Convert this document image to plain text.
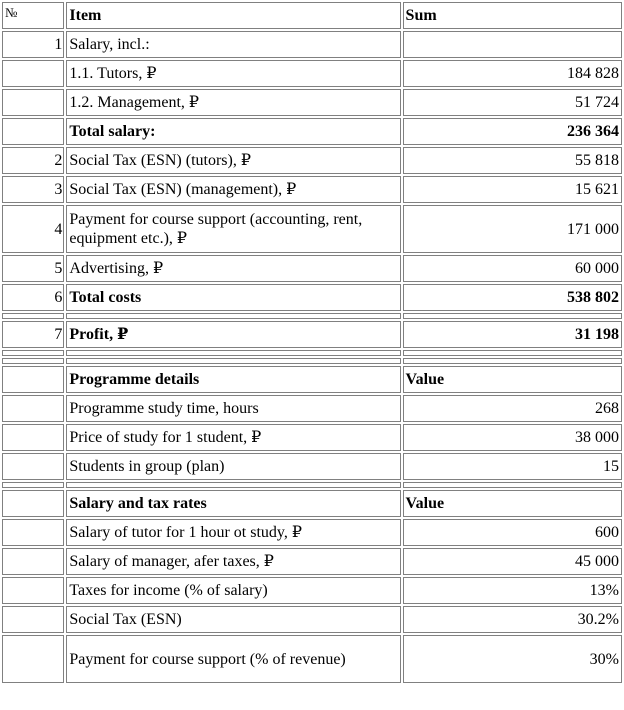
№	Item	Sum
1	Salary, incl.:	
	1.1. Tutors, ₽	184 828
	1.2. Management, ₽	51 724
	Total salary:	236 364
2	Social Tax (ESN) (tutors), ₽	55 818
3	Social Tax (ESN) (management), ₽	15 621
4	Payment for course support (accounting, rent, equipment etc.), ₽	171 000
5	Advertising, ₽	60 000
6	Total costs	538 802

7	Profit, ₽	31 198

	Programme details	Value
	Programme study time, hours	268
	Price of study for 1 student, ₽	38 000
	Students in group (plan)	15

	Salary and tax rates	Value
	Salary of tutor for 1 hour ot study, ₽	600
	Salary of manager, afer taxes, ₽	45 000
	Taxes for income (% of salary)	13%
	Social Tax (ESN)	30.2%
	Payment for course support (% of revenue)	30%
